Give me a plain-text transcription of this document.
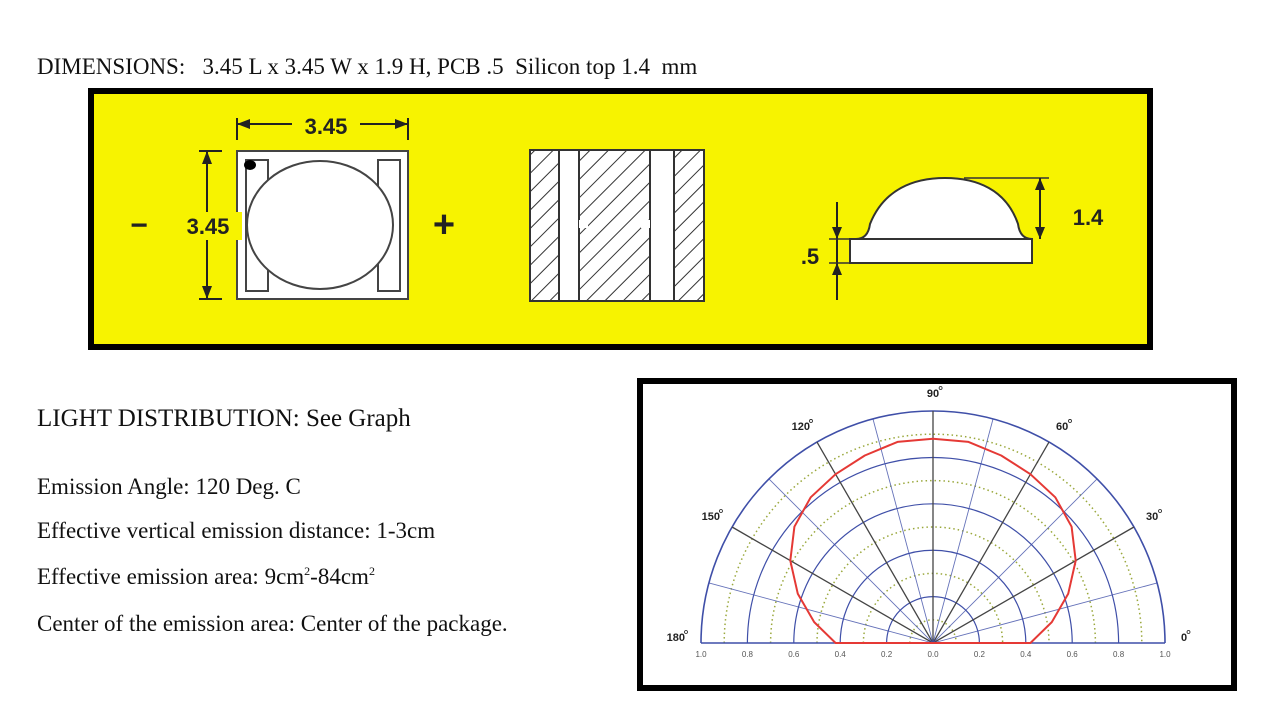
DIMENSIONS: 3.45 L x 3.45 W x 1.9 H, PCB .5  Silicon top 1.4  mm
3.45
3.45
−	+	1.4
.5
LIGHT DISTRIBUTION: See Graph
Emission Angle: 120 Deg. C
Effective vertical emission distance: 1-3cm
Effective emission area: $9cm^2-84cm^2$
Center of the emission area: Center of the package.
0
30
60
90
120
150
180
1.0	0.8	0.6	0.4	0.2	0.0	0.2	0.4	0.6	0.8	1.0
